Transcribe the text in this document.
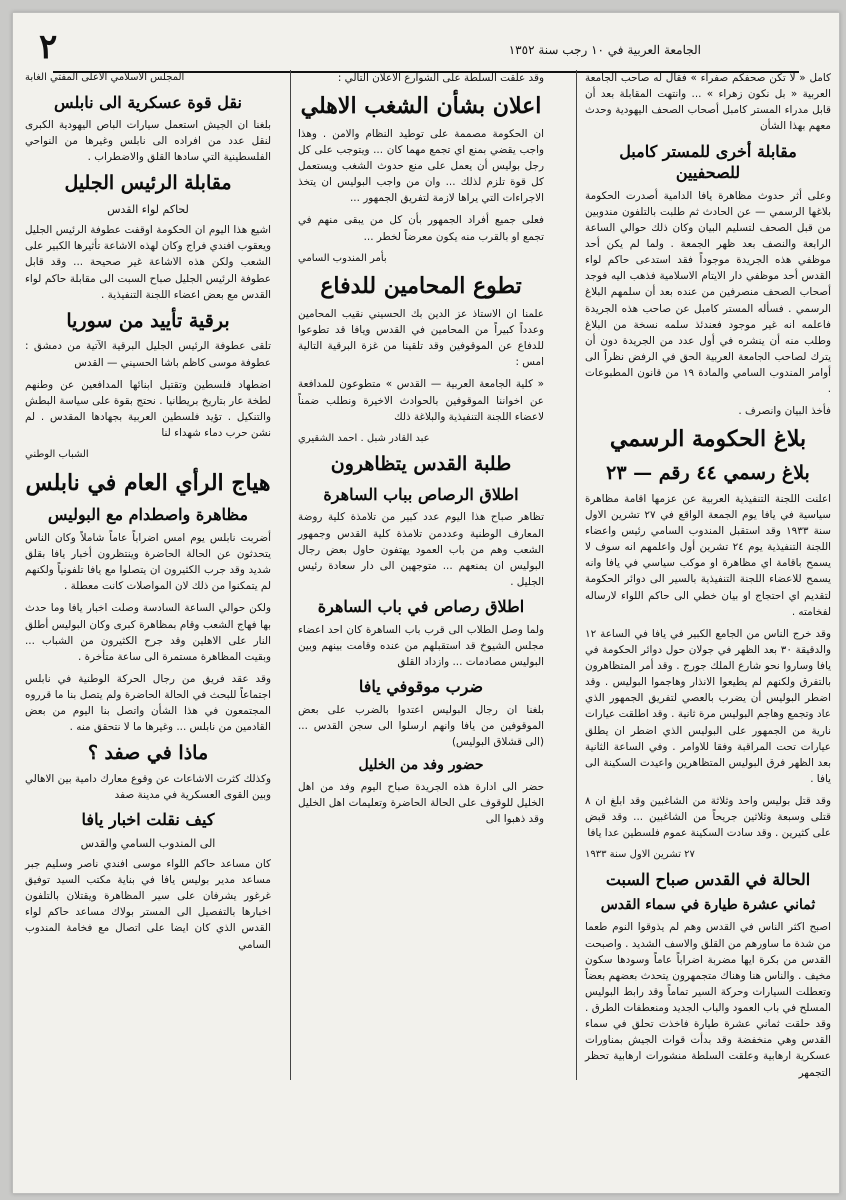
الجامعة العربية في ١٠ رجب سنة ١٣٥٢
٢
كامل « لا تكن صحفكم صفراء » فقال له صاحب الجامعة العربية « بل نكون زهراء » ... وانتهت المقابلة بعد أن قابل مدراء المستر كامبل أصحاب الصحف اليهودية وحدث معهم بهذا الشأن
مقابلة أخرى للمستر كامبل للصحفيين
وعلى أثر حدوث مظاهرة يافا الدامية أصدرت الحكومة بلاغها الرسمي — عن الحادث ثم طلبت بالتلفون مندوبين من قبل الصحف لتسليم البيان وكان ذلك حوالي الساعة الرابعة والنصف بعد ظهر الجمعة . ولما لم يكن أحد موظفي هذه الجريدة موجوداً فقد استدعى حاكم لواء القدس أحد موظفي دار الايتام الاسلامية فذهب اليه فوجد أصحاب الصحف منصرفين من عنده بعد أن سلمهم البلاغ الرسمي . فسأله المستر كامبل عن صاحب هذه الجريدة فاعلمه انه غير موجود فعندئذ سلمه نسخة من البلاغ وطلب منه أن ينشره في أول عدد من الجريدة دون أن يترك لصاحب الجامعة العربية الحق في الرفض نظراً الى أوامر المندوب السامي والمادة ١٩ من قانون المطبوعات .
فأخذ البيان وانصرف .
بلاغ الحكومة الرسمي
بلاغ رسمي ٤٤ رقم — ٢٣
اعلنت اللجنة التنفيذية العربية عن عزمها اقامة مظاهرة سياسية في يافا يوم الجمعة الواقع في ٢٧ تشرين الاول سنة ١٩٣٣ وقد استقبل المندوب السامي رئيس واعضاء اللجنة التنفيذية يوم ٢٤ تشرين أول واعلمهم انه سوف لا يسمح باقامة اي مظاهرة او موكب سياسي في يافا وانه يسمح للاعضاء اللجنة التنفيذية بالسير الى دوائر الحكومة لتقديم اي احتجاج او بيان خطي الى حاكم اللواء لارساله لفخامته .
وقد خرج الناس من الجامع الكبير في يافا في الساعة ١٢ والدقيقة ٣٠ بعد الظهر في جولان حول دوائر الحكومة في يافا وساروا نحو شارع الملك جورج . وقد أمر المتظاهرون بالتفرق ولكنهم لم يطيعوا الانذار وهاجموا البوليس . وقد اضطر البوليس أن يضرب بالعصي لتفريق الجمهور الذي عاد وتجمع وهاجم البوليس مرة ثانية . وقد اطلقت عيارات نارية من الجمهور على البوليس الذي اضطر ان يطلق عيارات تحت المراقبة وفقا للاوامر . وفي الساعة الثانية بعد الظهر فرق البوليس المتظاهرين واعيدت السكينة الى يافا .
وقد قتل بوليس واحد وثلاثة من الشاغبين وقد ابلغ ان ٨ قتلى وسبعة وثلاثين جريحاً من الشاغبين ... وقد قبض على كثيرين . وقد سادت السكينة عموم فلسطين عدا يافا
٢٧ تشرين الاول سنة ١٩٣٣
الحالة في القدس صباح السبت
ثماني عشرة طيارة في سماء القدس
اصبح اكثر الناس في القدس وهم لم يذوقوا النوم طعما من شدة ما ساورهم من القلق والاسف الشديد . واصبحت القدس من بكرة ايها مضربة اضراباً عاماً وسودها سكون مخيف . والناس هنا وهناك متجمهرون يتحدث بعضهم بعضاً وتعطلت السيارات وحركة السير تماماً وقد رابط البوليس المسلح في باب العمود والباب الجديد ومنعطفات الطرق . وقد حلقت ثماني عشرة طيارة فاخذت تحلق في سماء القدس وهي منخفضة وقد بدأت قوات الجيش بمناورات عسكرية ارهابية وعلقت السلطة منشورات ارهابية تحظر التجمهر
وقد علقت السلطة على الشوارع الاعلان التالي :
اعلان بشأن الشغب الاهلي
ان الحكومة مصممة على توطيد النظام والامن . وهذا واجب يقضي بمنع اي تجمع مهما كان ... ويتوجب على كل رجل بوليس أن يعمل على منع حدوث الشغب ويستعمل كل قوة تلزم لذلك ... وان من واجب البوليس ان يتخذ الاجراءات التي يراها لازمة لتفريق الجمهور ...
فعلى جميع أفراد الجمهور بأن كل من يبقى منهم في تجمع او بالقرب منه يكون معرضاً لخطر ...
بأمر المندوب السامي
تطوع المحامين للدفاع
علمنا ان الاستاذ عز الدين بك الحسيني نقيب المحامين وعدداً كبيراً من المحامين في القدس ويافا قد تطوعوا للدفاع عن الموقوفين وقد تلقينا من غزة البرقية التالية امس :
« كلية الجامعة العربية — القدس » متطوعون للمدافعة عن اخواننا الموقوفين بالحوادث الاخيرة ونطلب ضمناً لاعضاء اللجنة التنفيذية والبلاغة ذلك
عبد القادر شبل . احمد الشقيري
طلبة القدس يتظاهرون
اطلاق الرصاص بباب الساهرة
تظاهر صباح هذا اليوم عدد كبير من تلامذة كلية روضة المعارف الوطنية وعددمن تلامذة كلية القدس وجمهور الشعب وهم من باب العمود يهتفون حاول بعض رجال البوليس ان يمنعهم ... متوجهين الى دار سعادة رئيس الجليل .
اطلاق رصاص في باب الساهرة
ولما وصل الطلاب الى قرب باب الساهرة كان احد اعضاء مجلس الشيوخ قد استقبلهم من عنده وقامت بينهم وبين البوليس مصادمات ... وازداد القلق
ضرب موقوفي يافا
بلغنا ان رجال البوليس اعتدوا بالضرب على بعض الموقوفين من يافا وانهم ارسلوا الى سجن القدس ... (الى قشلاق البوليس)
حضور وفد من الخليل
حضر الى ادارة هذه الجريدة صباح اليوم وفد من اهل الخليل للوقوف على الحالة الحاضرة وتعليمات اهل الخليل وقد ذهبوا الى
المجلس الاسلامي الاعلى المفتي الغابة
نقل قوة عسكرية الى نابلس
بلغنا ان الجيش استعمل سيارات الباص اليهودية الكبرى لنقل عدد من افراده الى نابلس وغيرها من النواحي الفلسطينية التي سادها القلق والاضطراب .
مقابلة الرئيس الجليل
لحاكم لواء القدس
اشيع هذا اليوم ان الحكومة اوقفت عطوفة الرئيس الجليل ويعقوب افندي فراج وكان لهذه الاشاعة تأثيرها الكبير على الشعب ولكن هذه الاشاعة غير صحيحة ... وقد قابل عطوفة الرئيس الجليل صباح السبت الى مقابلة حاكم لواء القدس مع بعض اعضاء اللجنة التنفيذية .
برقية تأييد من سوريا
تلقى عطوفة الرئيس الجليل البرقية الآتية من دمشق : عطوفة موسى كاظم باشا الحسيني — القدس
اضطهاد فلسطين وتقتيل ابنائها المدافعين عن وطنهم لطخة عار بتاريخ بريطانيا . نحتج بقوة على سياسة البطش والتنكيل . تؤيد فلسطين العربية بجهادها المقدس . لم نشن حرب دماء شهداء لنا
الشباب الوطني
هياج الرأي العام في نابلس
مظاهرة واصطدام مع البوليس
أضربت نابلس يوم امس اضراباً عاماً شاملاً وكان الناس يتحدثون عن الحالة الحاضرة وينتظرون أخبار يافا بقلق شديد وقد جرب الكثيرون ان يتصلوا مع يافا تلفونياً ولكنهم لم يتمكنوا من ذلك لان المواصلات كانت معطلة .
ولكن حوالي الساعة السادسة وصلت اخبار يافا وما حدث بها فهاج الشعب وقام بمظاهرة كبرى وكان البوليس أطلق النار على الاهلين وقد جرح الكثيرون من الشباب ... وبقيت المظاهرة مستمرة الى ساعة متأخرة .
وقد عقد فريق من رجال الحركة الوطنية في نابلس اجتماعاً للبحث في الحالة الحاضرة ولم يتصل بنا ما قرروه المجتمعون في هذا الشأن واتصل بنا اليوم من بعض القادمين من نابلس ... وغيرها ما لا نتحقق منه .
ماذا في صفد ؟
وكذلك كثرت الاشاعات عن وقوع معارك دامية بين الاهالي وبين القوى العسكرية في مدينة صفد
كيف نقلت اخبار يافا
الى المندوب السامي والقدس
كان مساعد حاكم اللواء موسى افندي ناصر وسليم جبر مساعد مدير بوليس يافا في بناية مكتب السيد توفيق غرغور يشرفان على سير المظاهرة ويقتلان بالتلفون اخبارها بالتفصيل الى المستر بولاك مساعد حاكم لواء القدس الذي كان ايضا على اتصال مع فخامة المندوب السامي
